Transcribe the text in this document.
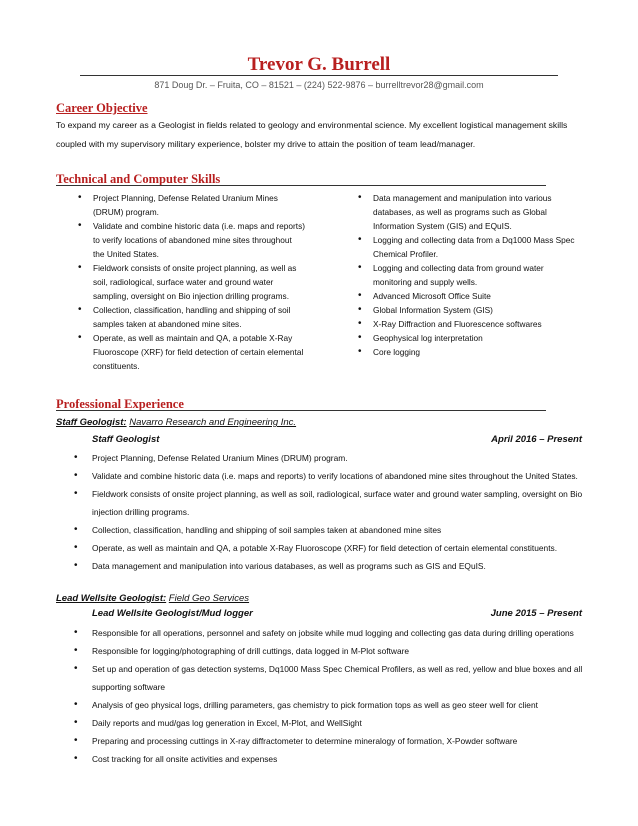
Trevor G. Burrell
871 Doug Dr. – Fruita, CO – 81521 – (224) 522-9876 – burrelltrevor28@gmail.com
Career Objective
To expand my career as a Geologist in fields related to geology and environmental science. My excellent logistical management skills coupled with my supervisory military experience, bolster my drive to attain the position of team lead/manager.
Technical and Computer Skills
• Project Planning, Defense Related Uranium Mines (DRUM) program.
• Validate and combine historic data (i.e. maps and reports) to verify locations of abandoned mine sites throughout the United States.
• Fieldwork consists of onsite project planning, as well as soil, radiological, surface water and ground water sampling, oversight on Bio injection drilling programs.
• Collection, classification, handling and shipping of soil samples taken at abandoned mine sites.
• Operate, as well as maintain and QA, a potable X-Ray Fluoroscope (XRF) for field detection of certain elemental constituents.
• Data management and manipulation into various databases, as well as programs such as Global Information System (GIS) and EQuIS.
• Logging and collecting data from a Dq1000 Mass Spec Chemical Profiler.
• Logging and collecting data from ground water monitoring and supply wells.
• Advanced Microsoft Office Suite
• Global Information System (GIS)
• X-Ray Diffraction and Fluorescence softwares
• Geophysical log interpretation
• Core logging
Professional Experience
Staff Geologist: Navarro Research and Engineering Inc.
Staff Geologist	April 2016 – Present
• Project Planning, Defense Related Uranium Mines (DRUM) program.
• Validate and combine historic data (i.e. maps and reports) to verify locations of abandoned mine sites throughout the United States.
• Fieldwork consists of onsite project planning, as well as soil, radiological, surface water and ground water sampling, oversight on Bio injection drilling programs.
• Collection, classification, handling and shipping of soil samples taken at abandoned mine sites
• Operate, as well as maintain and QA, a potable X-Ray Fluoroscope (XRF) for field detection of certain elemental constituents.
• Data management and manipulation into various databases, as well as programs such as GIS and EQuIS.
Lead Wellsite Geologist: Field Geo Services
Lead Wellsite Geologist/Mud logger	June 2015 – Present
• Responsible for all operations, personnel and safety on jobsite while mud logging and collecting gas data during drilling operations
• Responsible for logging/photographing of drill cuttings, data logged in M-Plot software
• Set up and operation of gas detection systems, Dq1000 Mass Spec Chemical Profilers, as well as red, yellow and blue boxes and all supporting software
• Analysis of geo physical logs, drilling parameters, gas chemistry to pick formation tops as well as geo steer well for client
• Daily reports and mud/gas log generation in Excel, M-Plot, and WellSight
• Preparing and processing cuttings in X-ray diffractometer to determine mineralogy of formation, X-Powder software
• Cost tracking for all onsite activities and expenses
